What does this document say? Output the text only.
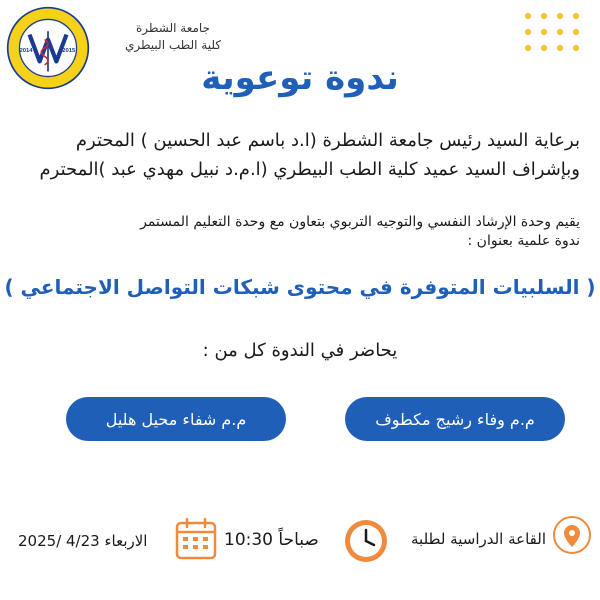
2014	2015
جامعة الشطرة
كلية الطب البيطري
ندوة توعوية
برعاية السيد رئيس جامعة الشطرة (ا.د باسم عبد الحسين ) المحترم
وبإشراف السيد عميد كلية الطب البيطري (ا.م.د نبيل مهدي عبد )المحترم
يقيم وحدة الإرشاد النفسي والتوجيه التربوي بتعاون مع وحدة التعليم المستمر
ندوة علمية بعنوان :
( السلبيات المتوفرة في محتوى شبكات التواصل الاجتماعي )
يحاضر في الندوة كل من :
م.م وفاء رشيج مكطوف
م.م شفاء محيل هليل
القاعة الدراسية لطلبة
صباحاً 10:30
الاربعاء 4/23 /2025
